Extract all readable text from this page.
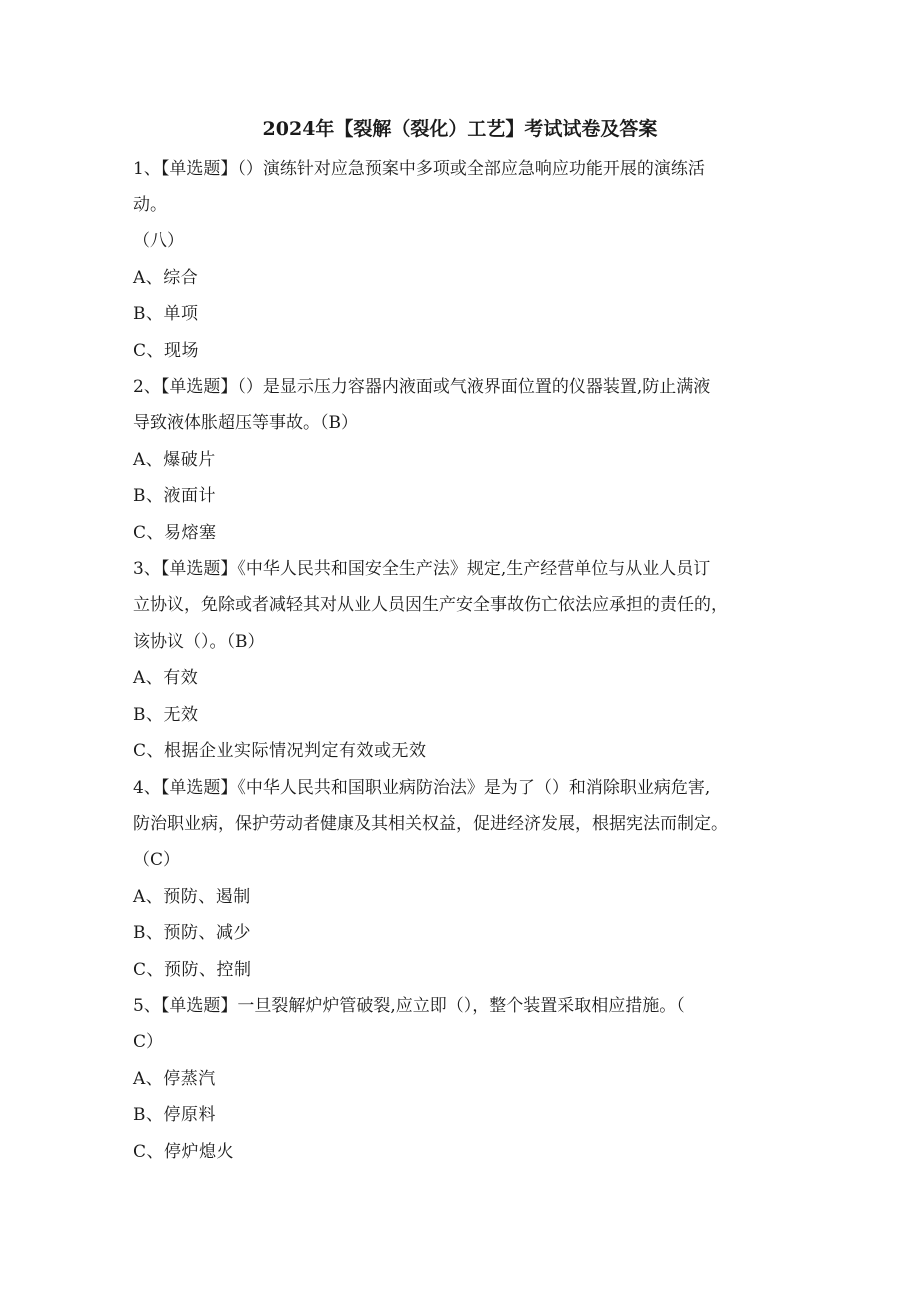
2024年【裂解（裂化）工艺】考试试卷及答案
1、【单选题】（）演练针对应急预案中多项或全部应急响应功能开展的演练活
动。
（八）
A、综合
B、单项
C、现场
2、【单选题】（）是显示压力容器内液面或气液界面位置的仪器装置,防止满液
导致液体胀超压等事故。（B）
A、爆破片
B、液面计
C、易熔塞
3、【单选题】《中华人民共和国安全生产法》规定,生产经营单位与从业人员订
立协议，免除或者减轻其对从业人员因生产安全事故伤亡依法应承担的责任的，
该协议（）。（B）
A、有效
B、无效
C、根据企业实际情况判定有效或无效
4、【单选题】《中华人民共和国职业病防治法》是为了（）和消除职业病危害,
防治职业病，保护劳动者健康及其相关权益，促进经济发展，根据宪法而制定。
（C）
A、预防、遏制
B、预防、减少
C、预防、控制
5、【单选题】一旦裂解炉炉管破裂,应立即（），整个装置采取相应措施。（
C）
A、停蒸汽
B、停原料
C、停炉熄火
